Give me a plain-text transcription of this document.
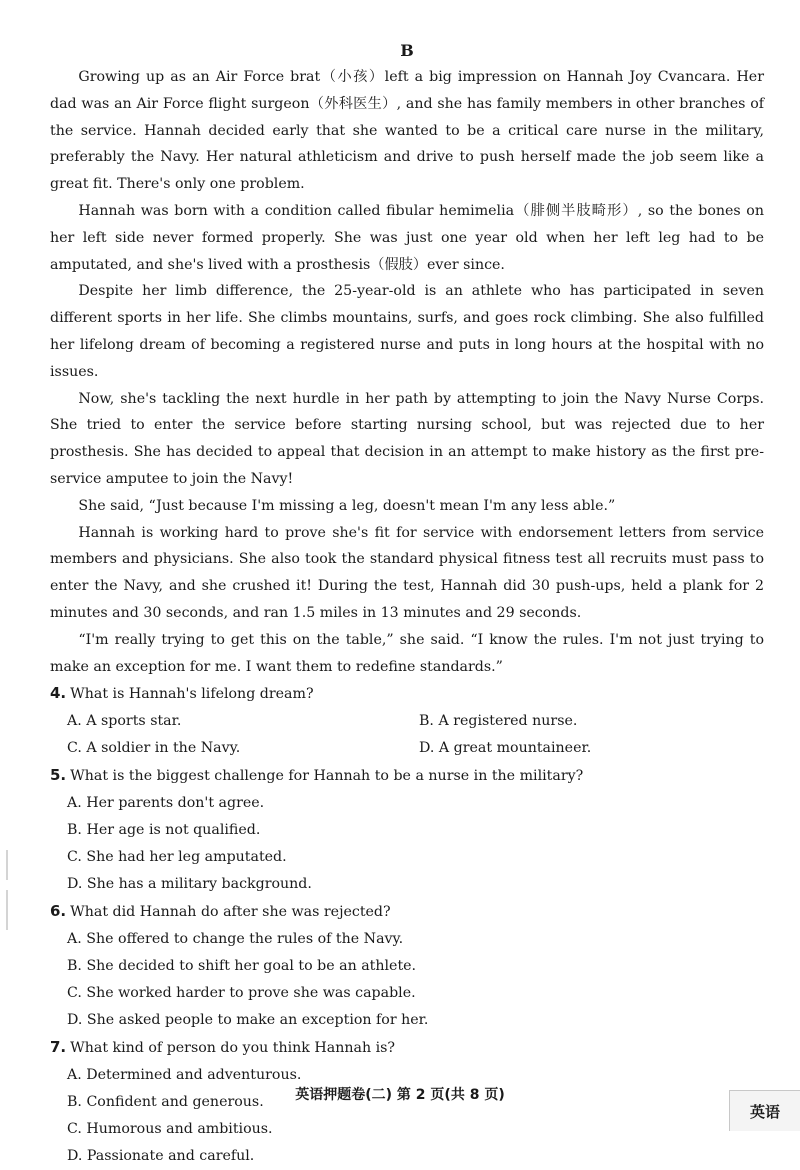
B

Growing up as an Air Force brat（小孩）left a big impression on Hannah Joy Cvancara. Her dad was an Air Force flight surgeon（外科医生）, and she has family members in other branches of the service. Hannah decided early that she wanted to be a critical care nurse in the military, preferably the Navy. Her natural athleticism and drive to push herself made the job seem like a great fit. There's only one problem.

Hannah was born with a condition called fibular hemimelia（腓侧半肢畸形）, so the bones on her left side never formed properly. She was just one year old when her left leg had to be amputated, and she's lived with a prosthesis（假肢）ever since.

Despite her limb difference, the 25-year-old is an athlete who has participated in seven different sports in her life. She climbs mountains, surfs, and goes rock climbing. She also fulfilled her lifelong dream of becoming a registered nurse and puts in long hours at the hospital with no issues.

Now, she's tackling the next hurdle in her path by attempting to join the Navy Nurse Corps. She tried to enter the service before starting nursing school, but was rejected due to her prosthesis. She has decided to appeal that decision in an attempt to make history as the first pre-service amputee to join the Navy!

She said, “Just because I'm missing a leg, doesn't mean I'm any less able.”

Hannah is working hard to prove she's fit for service with endorsement letters from service members and physicians. She also took the standard physical fitness test all recruits must pass to enter the Navy, and she crushed it! During the test, Hannah did 30 push-ups, held a plank for 2 minutes and 30 seconds, and ran 1.5 miles in 13 minutes and 29 seconds.

“I'm really trying to get this on the table,” she said. “I know the rules. I'm not just trying to make an exception for me. I want them to redefine standards.”

4. What is Hannah's lifelong dream?

A. A sports star.	B. A registered nurse.
C. A soldier in the Navy.	D. A great mountaineer.

5. What is the biggest challenge for Hannah to be a nurse in the military?

A. Her parents don't agree.
B. Her age is not qualified.
C. She had her leg amputated.
D. She has a military background.

6. What did Hannah do after she was rejected?

A. She offered to change the rules of the Navy.
B. She decided to shift her goal to be an athlete.
C. She worked harder to prove she was capable.
D. She asked people to make an exception for her.

7. What kind of person do you think Hannah is?

A. Determined and adventurous.
B. Confident and generous.
C. Humorous and ambitious.
D. Passionate and careful.
英语押题卷(二) 第 2 页(共 8 页)
英语
